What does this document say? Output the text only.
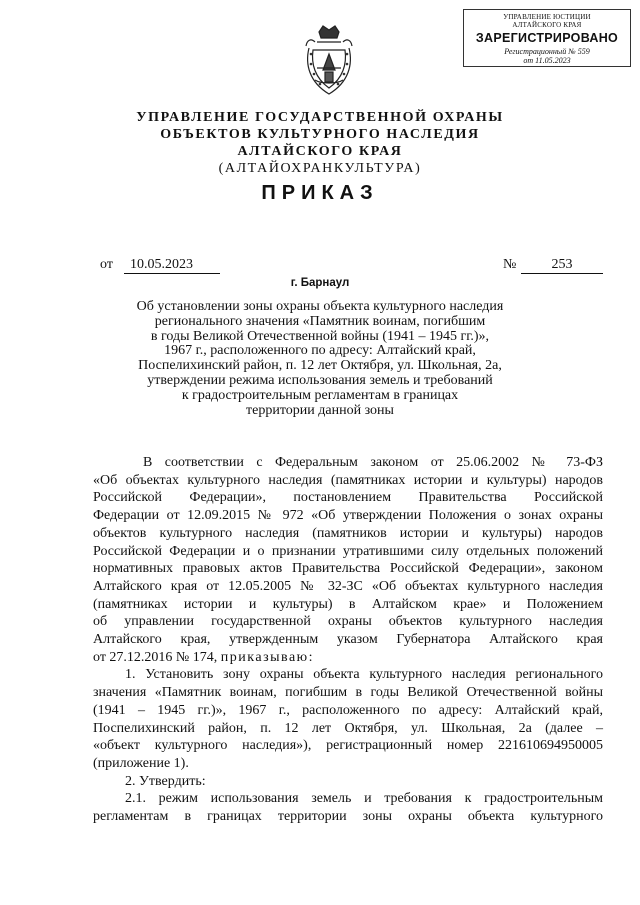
УПРАВЛЕНИЕ ЮСТИЦИИ
АЛТАЙСКОГО КРАЯ
ЗАРЕГИСТРИРОВАНО
Регистрационный № 559
от 11.05.2023
УПРАВЛЕНИЕ ГОСУДАРСТВЕННОЙ ОХРАНЫ
ОБЪЕКТОВ КУЛЬТУРНОГО НАСЛЕДИЯ
АЛТАЙСКОГО КРАЯ
(АЛТАЙОХРАНКУЛЬТУРА)
ПРИКАЗ
от	10.05.2023	№	253
г. Барнаул
Об установлении зоны охраны объекта культурного наследия
регионального значения «Памятник воинам, погибшим
в годы Великой Отечественной войны (1941 – 1945 гг.)»,
1967 г., расположенного по адресу: Алтайский край,
Поспелихинский район, п. 12 лет Октября, ул. Школьная, 2а,
утверждении режима использования земель и требований
к градостроительным регламентам в границах
территории данной зоны
В соответствии с Федеральным законом от 25.06.2002 № 73-ФЗ
«Об объектах культурного наследия (памятниках истории и культуры) народов
Российской Федерации», постановлением Правительства Российской
Федерации от 12.09.2015 № 972 «Об утверждении Положения о зонах охраны
объектов культурного наследия (памятников истории и культуры) народов
Российской Федерации и о признании утратившими силу отдельных положений
нормативных правовых актов Правительства Российской Федерации», законом
Алтайского края от 12.05.2005 № 32-ЗС «Об объектах культурного наследия
(памятниках истории и культуры) в Алтайском крае» и Положением
об управлении государственной охраны объектов культурного наследия
Алтайского края, утвержденным указом Губернатора Алтайского края
от 27.12.2016 № 174, приказываю:
1. Установить зону охраны объекта культурного наследия регионального
значения «Памятник воинам, погибшим в годы Великой Отечественной войны
(1941 – 1945 гг.)», 1967 г., расположенного по адресу: Алтайский край,
Поспелихинский район, п. 12 лет Октября, ул. Школьная, 2а (далее –
«объект культурного наследия»), регистрационный номер 221610694950005
(приложение 1).
2. Утвердить:
2.1. режим использования земель и требования к градостроительным
регламентам в границах территории зоны охраны объекта культурного
